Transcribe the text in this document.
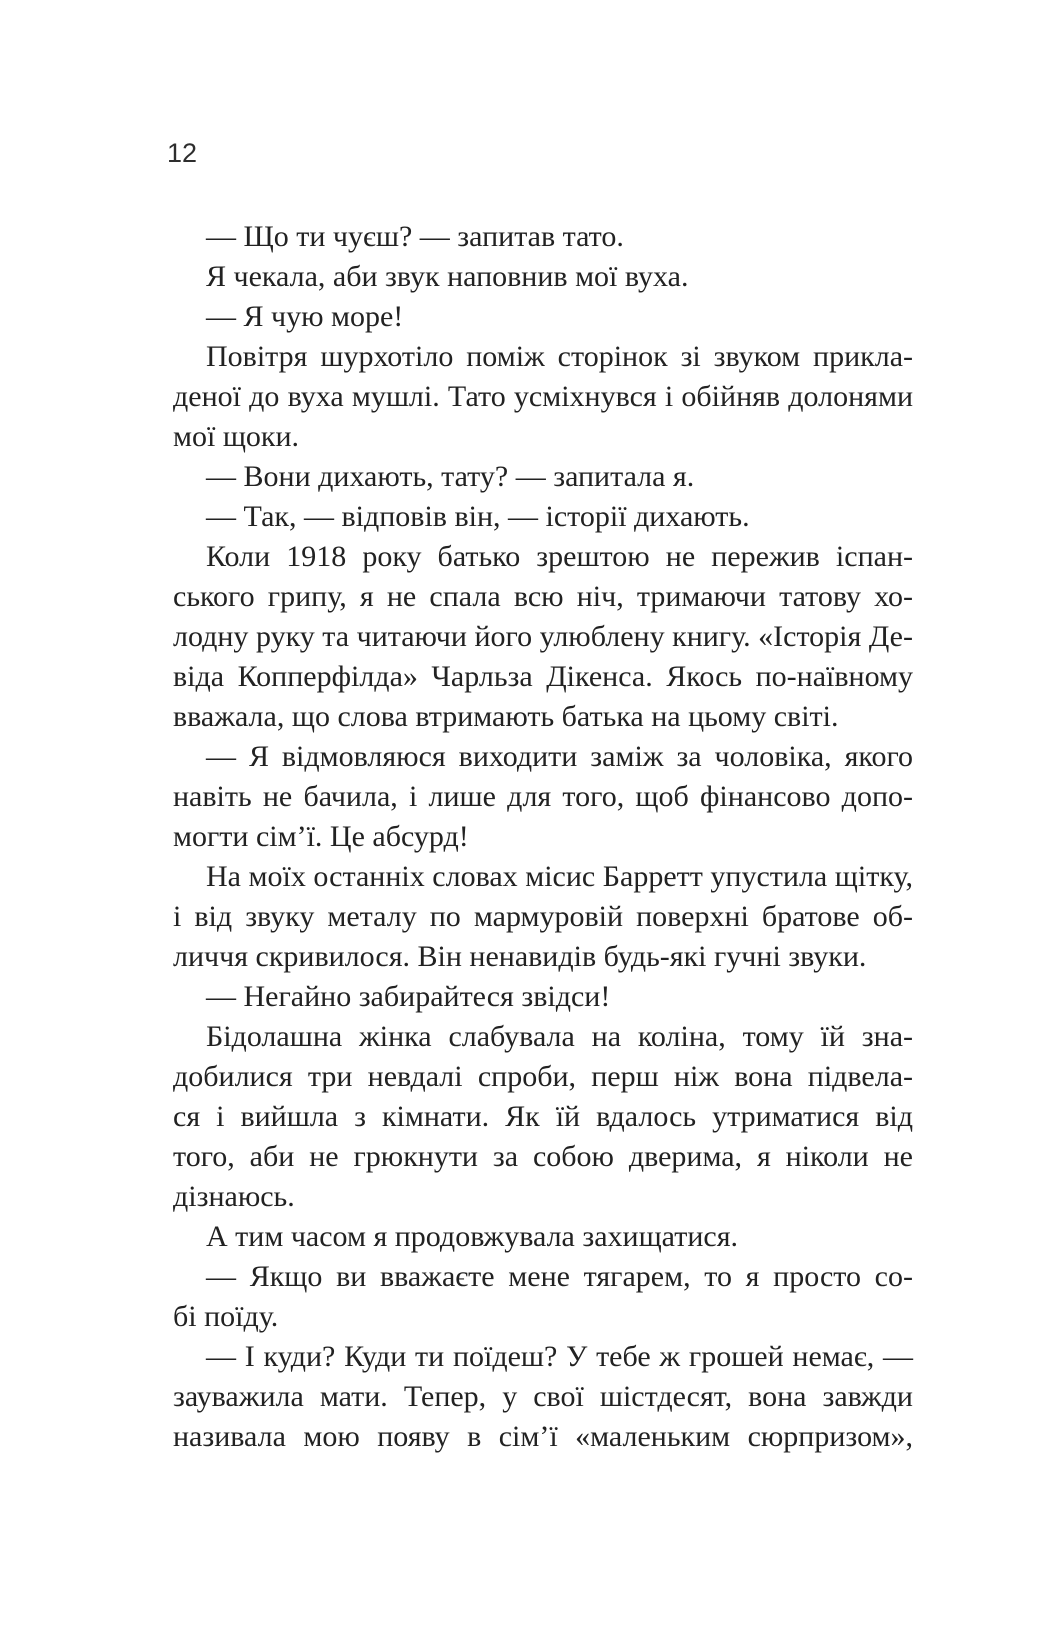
12
— Що ти чуєш? — запитав тато.
Я чекала, аби звук наповнив мої вуха.
— Я чую море!
Повітря шурхотіло поміж сторінок зі звуком прикла-
деної до вуха мушлі. Тато усміхнувся і обійняв долонями
мої щоки.
— Вони дихають, тату? — запитала я.
— Так, — відповів він, — історії дихають.
Коли 1918 року батько зрештою не пережив іспан-
ського грипу, я не спала всю ніч, тримаючи татову хо-
лодну руку та читаючи його улюблену книгу. «Історія Де-
віда Копперфілда» Чарльза Дікенса. Якось по-наївному
вважала, що слова втримають батька на цьому світі.
— Я відмовляюся виходити заміж за чоловіка, якого
навіть не бачила, і лише для того, щоб фінансово допо-
могти сім’ї. Це абсурд!
На моїх останніх словах місис Барретт упустила щітку,
і від звуку металу по мармуровій поверхні братове об-
личчя скривилося. Він ненавидів будь-які гучні звуки.
— Негайно забирайтеся звідси!
Бідолашна жінка слабувала на коліна, тому їй зна-
добилися три невдалі спроби, перш ніж вона підвела-
ся і вийшла з кімнати. Як їй вдалось утриматися від
того, аби не грюкнути за собою дверима, я ніколи не
дізнаюсь.
А тим часом я продовжувала захищатися.
— Якщо ви вважаєте мене тягарем, то я просто со-
бі поїду.
— І куди? Куди ти поїдеш? У тебе ж грошей немає, —
зауважила мати. Тепер, у свої шістдесят, вона завжди
називала мою появу в сім’ї «маленьким сюрпризом»,
